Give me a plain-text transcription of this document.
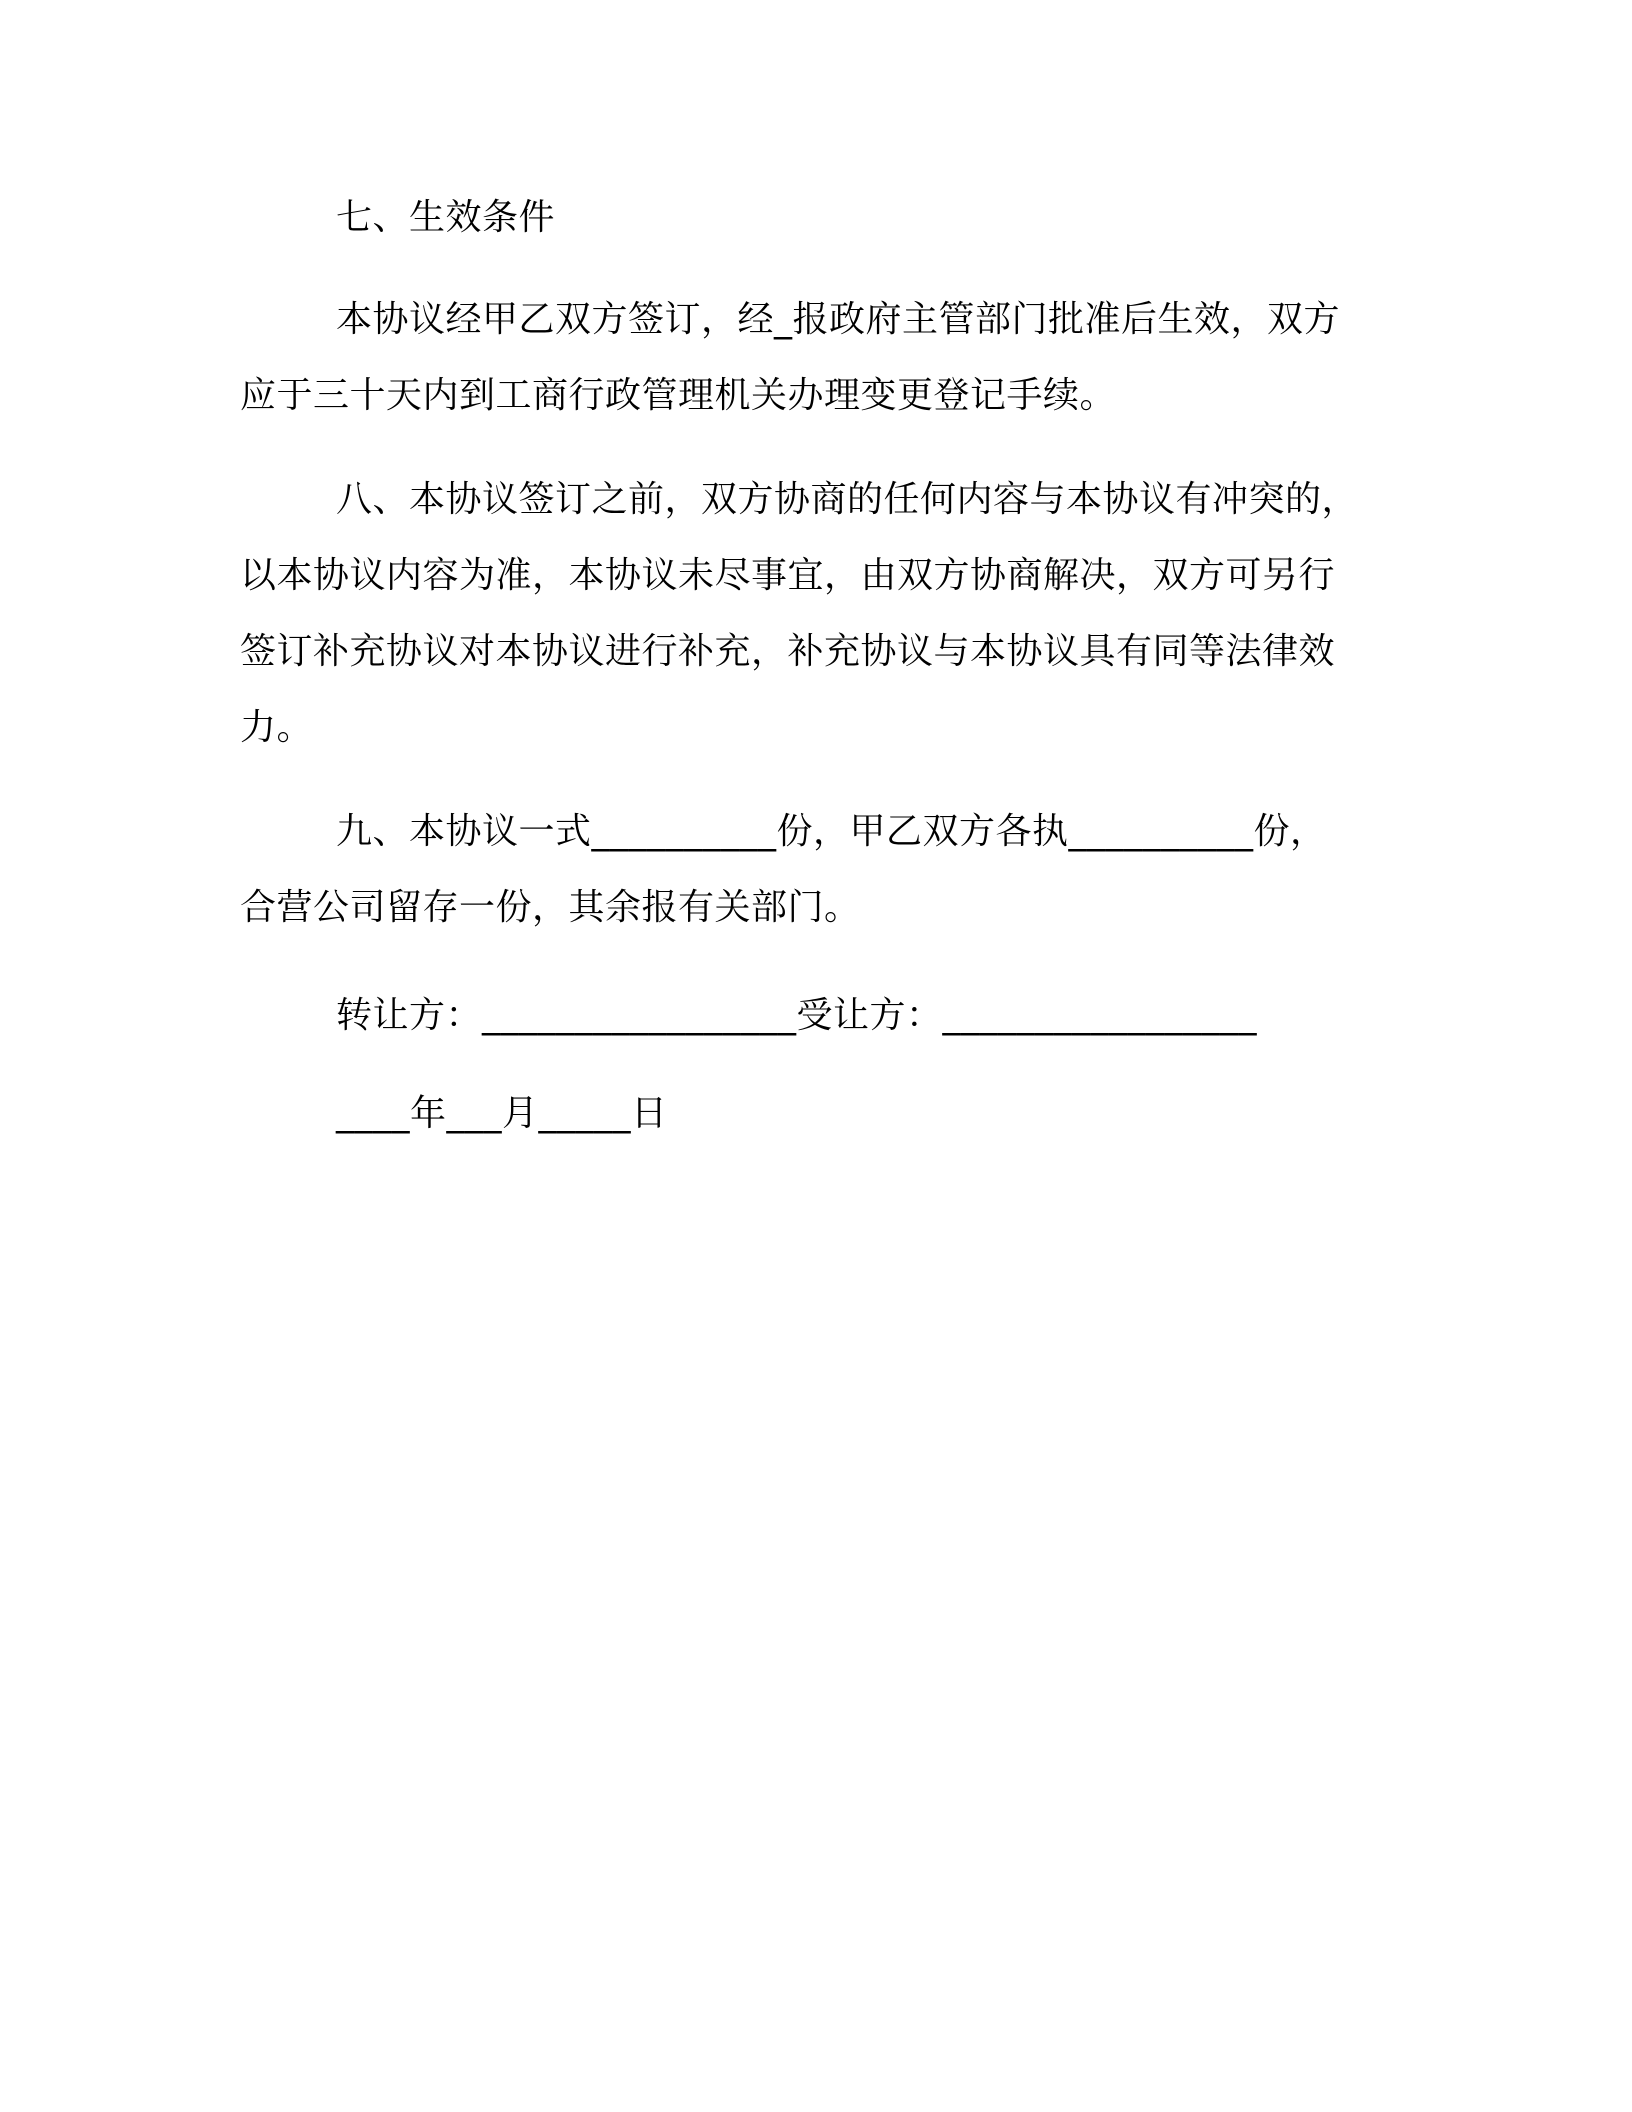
七、生效条件
本协议经甲乙双方签订，经_报政府主管部门批准后生效，双方
应于三十天内到工商行政管理机关办理变更登记手续。
八、本协议签订之前，双方协商的任何内容与本协议有冲突的，
以本协议内容为准，本协议未尽事宜，由双方协商解决，双方可另行
签订补充协议对本协议进行补充，补充协议与本协议具有同等法律效
力。
九、本协议一式__________份，甲乙双方各执__________份，
合营公司留存一份，其余报有关部门。
转让方：_________________受让方：_________________
____年___月_____日
